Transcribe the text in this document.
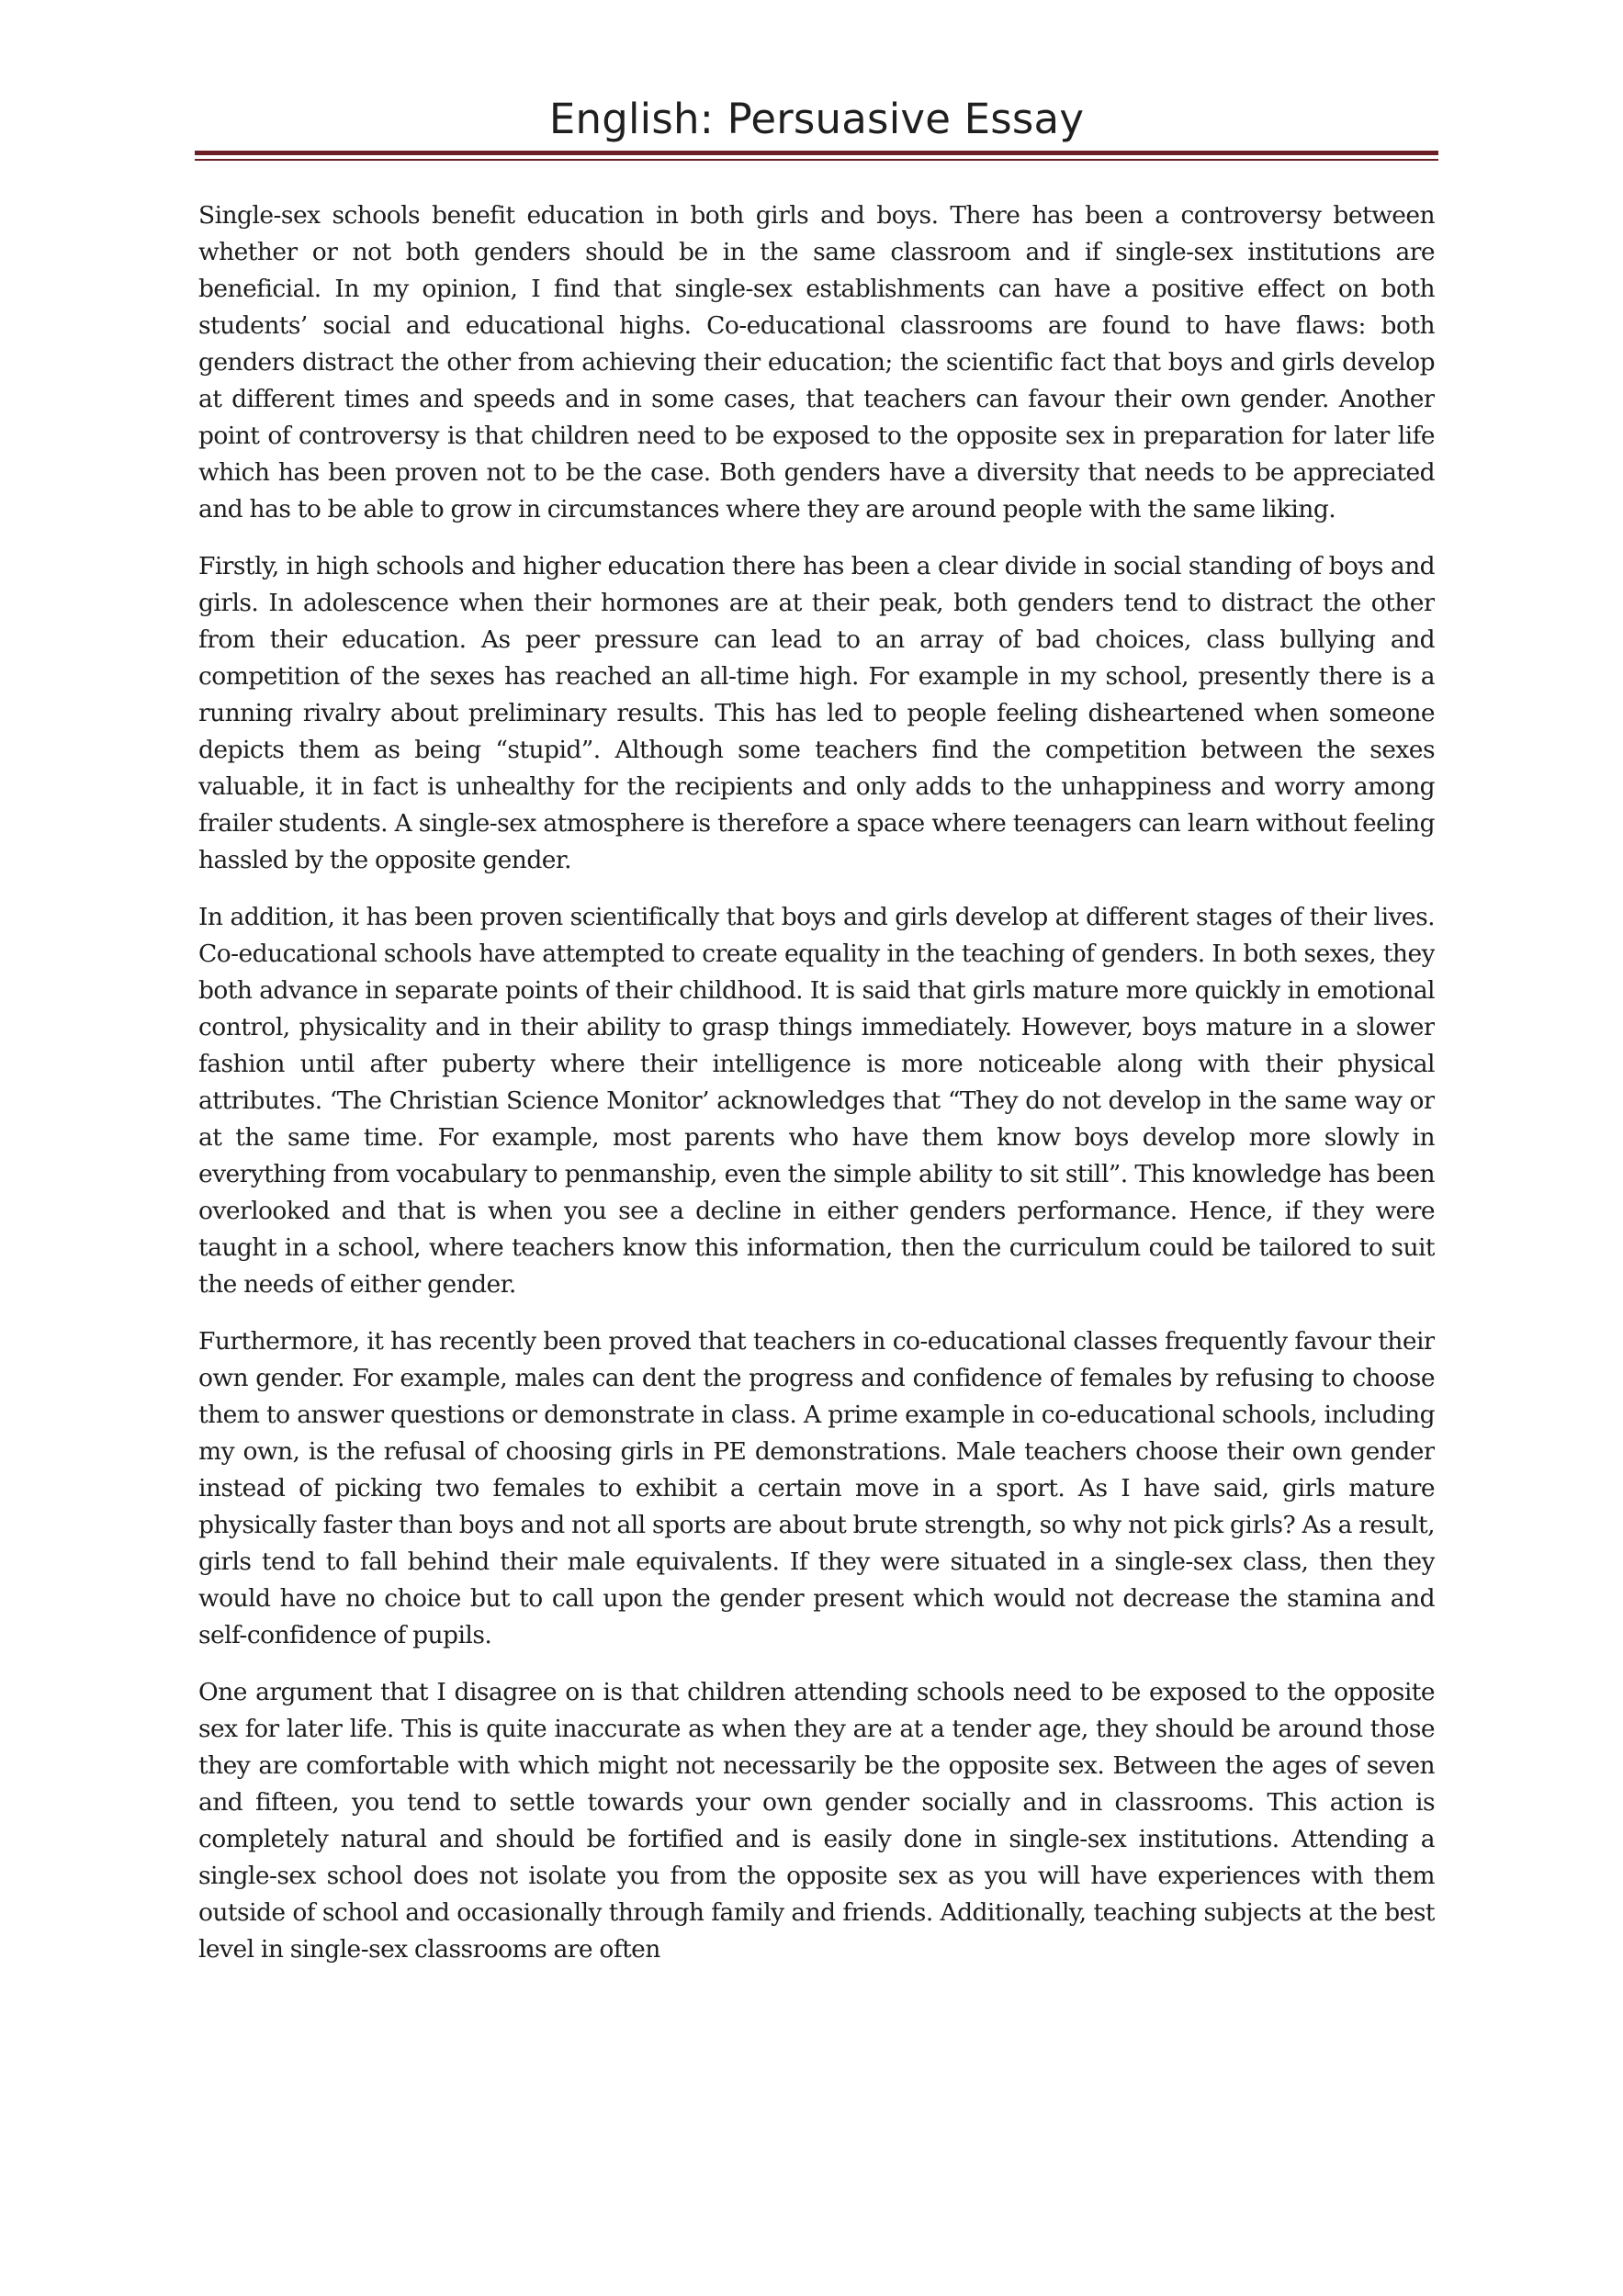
English: Persuasive Essay

Single-sex schools benefit education in both girls and boys. There has been a controversy between whether or not both genders should be in the same classroom and if single-sex institutions are beneficial. In my opinion, I find that single-sex establishments can have a positive effect on both students’ social and educational highs. Co-educational classrooms are found to have flaws: both genders distract the other from achieving their education; the scientific fact that boys and girls develop at different times and speeds and in some cases, that teachers can favour their own gender. Another point of controversy is that children need to be exposed to the opposite sex in preparation for later life which has been proven not to be the case. Both genders have a diversity that needs to be appreciated and has to be able to grow in circumstances where they are around people with the same liking.

Firstly, in high schools and higher education there has been a clear divide in social standing of boys and girls. In adolescence when their hormones are at their peak, both genders tend to distract the other from their education. As peer pressure can lead to an array of bad choices, class bullying and competition of the sexes has reached an all-time high. For example in my school, presently there is a running rivalry about preliminary results. This has led to people feeling disheartened when someone depicts them as being “stupid”. Although some teachers find the competition between the sexes valuable, it in fact is unhealthy for the recipients and only adds to the unhappiness and worry among frailer students. A single-sex atmosphere is therefore a space where teenagers can learn without feeling hassled by the opposite gender.

In addition, it has been proven scientifically that boys and girls develop at different stages of their lives. Co-educational schools have attempted to create equality in the teaching of genders. In both sexes, they both advance in separate points of their childhood. It is said that girls mature more quickly in emotional control, physicality and in their ability to grasp things immediately. However, boys mature in a slower fashion until after puberty where their intelligence is more noticeable along with their physical attributes. ‘The Christian Science Monitor’ acknowledges that “They do not develop in the same way or at the same time. For example, most parents who have them know boys develop more slowly in everything from vocabulary to penmanship, even the simple ability to sit still”. This knowledge has been overlooked and that is when you see a decline in either genders performance. Hence, if they were taught in a school, where teachers know this information, then the curriculum could be tailored to suit the needs of either gender.

Furthermore, it has recently been proved that teachers in co-educational classes frequently favour their own gender. For example, males can dent the progress and confidence of females by refusing to choose them to answer questions or demonstrate in class. A prime example in co-educational schools, including my own, is the refusal of choosing girls in PE demonstrations. Male teachers choose their own gender instead of picking two females to exhibit a certain move in a sport. As I have said, girls mature physically faster than boys and not all sports are about brute strength, so why not pick girls? As a result, girls tend to fall behind their male equivalents. If they were situated in a single-sex class, then they would have no choice but to call upon the gender present which would not decrease the stamina and self-confidence of pupils.

One argument that I disagree on is that children attending schools need to be exposed to the opposite sex for later life. This is quite inaccurate as when they are at a tender age, they should be around those they are comfortable with which might not necessarily be the opposite sex. Between the ages of seven and fifteen, you tend to settle towards your own gender socially and in classrooms. This action is completely natural and should be fortified and is easily done in single-sex institutions. Attending a single-sex school does not isolate you from the opposite sex as you will have experiences with them outside of school and occasionally through family and friends. Additionally, teaching subjects at the best level in single-sex classrooms are often
